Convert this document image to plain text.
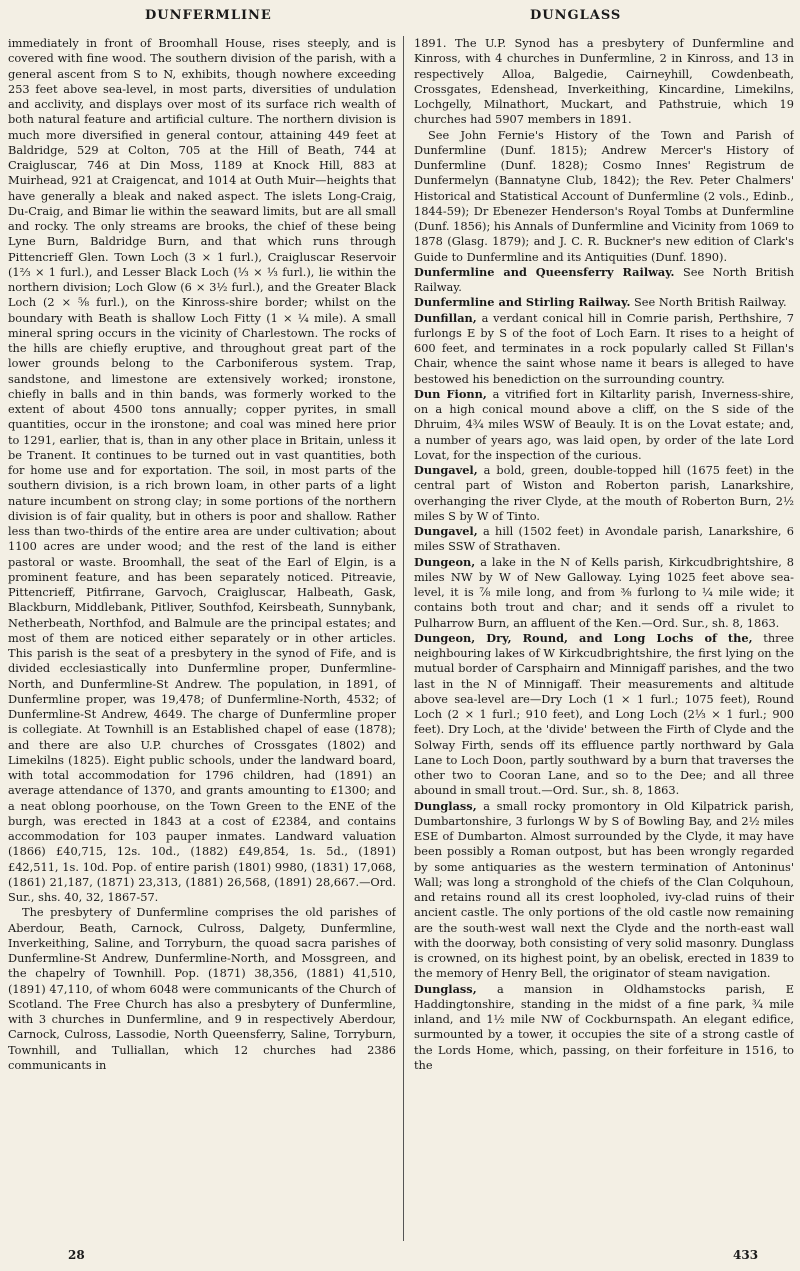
DUNFERMLINE	DUNGLASS

immediately in front of Broomhall House, rises steeply, and is covered with fine wood. The southern division of the parish, with a general ascent from S to N, exhibits, though nowhere exceeding 253 feet above sea-level, in most parts, diversities of undulation and acclivity, and displays over most of its surface rich wealth of both natural feature and artificial culture. The northern division is much more diversified in general contour, attaining 449 feet at Baldridge, 529 at Colton, 705 at the Hill of Beath, 744 at Craigluscar, 746 at Din Moss, 1189 at Knock Hill, 883 at Muirhead, 921 at Craigencat, and 1014 at Outh Muir—heights that have generally a bleak and naked aspect. The islets Long-Craig, Du-Craig, and Bimar lie within the seaward limits, but are all small and rocky. The only streams are brooks, the chief of these being Lyne Burn, Baldridge Burn, and that which runs through Pittencrieff Glen. Town Loch (3 × 1 furl.), Craigluscar Reservoir (1⅔ × 1 furl.), and Lesser Black Loch (⅓ × ⅓ furl.), lie within the northern division; Loch Glow (6 × 3½ furl.), and the Greater Black Loch (2 × ⅝ furl.), on the Kinross-shire border; whilst on the boundary with Beath is shallow Loch Fitty (1 × ¼ mile). A small mineral spring occurs in the vicinity of Charlestown. The rocks of the hills are chiefly eruptive, and throughout great part of the lower grounds belong to the Carboniferous system. Trap, sandstone, and limestone are extensively worked; ironstone, chiefly in balls and in thin bands, was formerly worked to the extent of about 4500 tons annually; copper pyrites, in small quantities, occur in the ironstone; and coal was mined here prior to 1291, earlier, that is, than in any other place in Britain, unless it be Tranent. It continues to be turned out in vast quantities, both for home use and for exportation. The soil, in most parts of the southern division, is a rich brown loam, in other parts of a light nature incumbent on strong clay; in some portions of the northern division is of fair quality, but in others is poor and shallow. Rather less than two-thirds of the entire area are under cultivation; about 1100 acres are under wood; and the rest of the land is either pastoral or waste. Broomhall, the seat of the Earl of Elgin, is a prominent feature, and has been separately noticed. Pitreavie, Pittencrieff, Pitfirrane, Garvoch, Craigluscar, Halbeath, Gask, Blackburn, Middlebank, Pitliver, Southfod, Keirsbeath, Sunnybank, Netherbeath, Northfod, and Balmule are the principal estates; and most of them are noticed either separately or in other articles. This parish is the seat of a presbytery in the synod of Fife, and is divided ecclesiastically into Dunfermline proper, Dunfermline-North, and Dunfermline-St Andrew. The population, in 1891, of Dunfermline proper, was 19,478; of Dunfermline-North, 4532; of Dunfermline-St Andrew, 4649. The charge of Dunfermline proper is collegiate. At Townhill is an Established chapel of ease (1878); and there are also U.P. churches of Crossgates (1802) and Limekilns (1825). Eight public schools, under the landward board, with total accommodation for 1796 children, had (1891) an average attendance of 1370, and grants amounting to £1300; and a neat oblong poorhouse, on the Town Green to the ENE of the burgh, was erected in 1843 at a cost of £2384, and contains accommodation for 103 pauper inmates. Landward valuation (1866) £40,715, 12s. 10d., (1882) £49,854, 1s. 5d., (1891) £42,511, 1s. 10d. Pop. of entire parish (1801) 9980, (1831) 17,068, (1861) 21,187, (1871) 23,313, (1881) 26,568, (1891) 28,667.—Ord. Sur., shs. 40, 32, 1867-57.

The presbytery of Dunfermline comprises the old parishes of Aberdour, Beath, Carnock, Culross, Dalgety, Dunfermline, Inverkeithing, Saline, and Torryburn, the quoad sacra parishes of Dunfermline-St Andrew, Dunfermline-North, and Mossgreen, and the chapelry of Townhill. Pop. (1871) 38,356, (1881) 41,510, (1891) 47,110, of whom 6048 were communicants of the Church of Scotland. The Free Church has also a presbytery of Dunfermline, with 3 churches in Dunfermline, and 9 in respectively Aberdour, Carnock, Culross, Lassodie, North Queensferry, Saline, Torryburn, Townhill, and Tulliallan, which 12 churches had 2386 communicants in

1891. The U.P. Synod has a presbytery of Dunfermline and Kinross, with 4 churches in Dunfermline, 2 in Kinross, and 13 in respectively Alloa, Balgedie, Cairneyhill, Cowdenbeath, Crossgates, Edenshead, Inverkeithing, Kincardine, Limekilns, Lochgelly, Milnathort, Muckart, and Pathstruie, which 19 churches had 5907 members in 1891.

See John Fernie's History of the Town and Parish of Dunfermline (Dunf. 1815); Andrew Mercer's History of Dunfermline (Dunf. 1828); Cosmo Innes' Registrum de Dunfermelyn (Bannatyne Club, 1842); the Rev. Peter Chalmers' Historical and Statistical Account of Dunfermline (2 vols., Edinb., 1844-59); Dr Ebenezer Henderson's Royal Tombs at Dunfermline (Dunf. 1856); his Annals of Dunfermline and Vicinity from 1069 to 1878 (Glasg. 1879); and J. C. R. Buckner's new edition of Clark's Guide to Dunfermline and its Antiquities (Dunf. 1890).

Dunfermline and Queensferry Railway. See North British Railway.

Dunfermline and Stirling Railway. See North British Railway.

Dunfillan, a verdant conical hill in Comrie parish, Perthshire, 7 furlongs E by S of the foot of Loch Earn. It rises to a height of 600 feet, and terminates in a rock popularly called St Fillan's Chair, whence the saint whose name it bears is alleged to have bestowed his benediction on the surrounding country.

Dun Fionn, a vitrified fort in Kiltarlity parish, Inverness-shire, on a high conical mound above a cliff, on the S side of the Dhruim, 4¾ miles WSW of Beauly. It is on the Lovat estate; and, a number of years ago, was laid open, by order of the late Lord Lovat, for the inspection of the curious.

Dungavel, a bold, green, double-topped hill (1675 feet) in the central part of Wiston and Roberton parish, Lanarkshire, overhanging the river Clyde, at the mouth of Roberton Burn, 2½ miles S by W of Tinto.

Dungavel, a hill (1502 feet) in Avondale parish, Lanarkshire, 6 miles SSW of Strathaven.

Dungeon, a lake in the N of Kells parish, Kirkcudbrightshire, 8 miles NW by W of New Galloway. Lying 1025 feet above sea-level, it is ⅞ mile long, and from ⅜ furlong to ¼ mile wide; it contains both trout and char; and it sends off a rivulet to Pulharrow Burn, an affluent of the Ken.—Ord. Sur., sh. 8, 1863.

Dungeon, Dry, Round, and Long Lochs of the, three neighbouring lakes of W Kirkcudbrightshire, the first lying on the mutual border of Carsphairn and Minnigaff parishes, and the two last in the N of Minnigaff. Their measurements and altitude above sea-level are—Dry Loch (1 × 1 furl.; 1075 feet), Round Loch (2 × 1 furl.; 910 feet), and Long Loch (2⅓ × 1 furl.; 900 feet). Dry Loch, at the 'divide' between the Firth of Clyde and the Solway Firth, sends off its effluence partly northward by Gala Lane to Loch Doon, partly southward by a burn that traverses the other two to Cooran Lane, and so to the Dee; and all three abound in small trout.—Ord. Sur., sh. 8, 1863.

Dunglass, a small rocky promontory in Old Kilpatrick parish, Dumbartonshire, 3 furlongs W by S of Bowling Bay, and 2½ miles ESE of Dumbarton. Almost surrounded by the Clyde, it may have been possibly a Roman outpost, but has been wrongly regarded by some antiquaries as the western termination of Antoninus' Wall; was long a stronghold of the chiefs of the Clan Colquhoun, and retains round all its crest loopholed, ivy-clad ruins of their ancient castle. The only portions of the old castle now remaining are the south-west wall next the Clyde and the north-east wall with the doorway, both consisting of very solid masonry. Dunglass is crowned, on its highest point, by an obelisk, erected in 1839 to the memory of Henry Bell, the originator of steam navigation.

Dunglass, a mansion in Oldhamstocks parish, E Haddingtonshire, standing in the midst of a fine park, ¾ mile inland, and 1½ mile NW of Cockburnspath. An elegant edifice, surmounted by a tower, it occupies the site of a strong castle of the Lords Home, which, passing, on their forfeiture in 1516, to the

28	433
